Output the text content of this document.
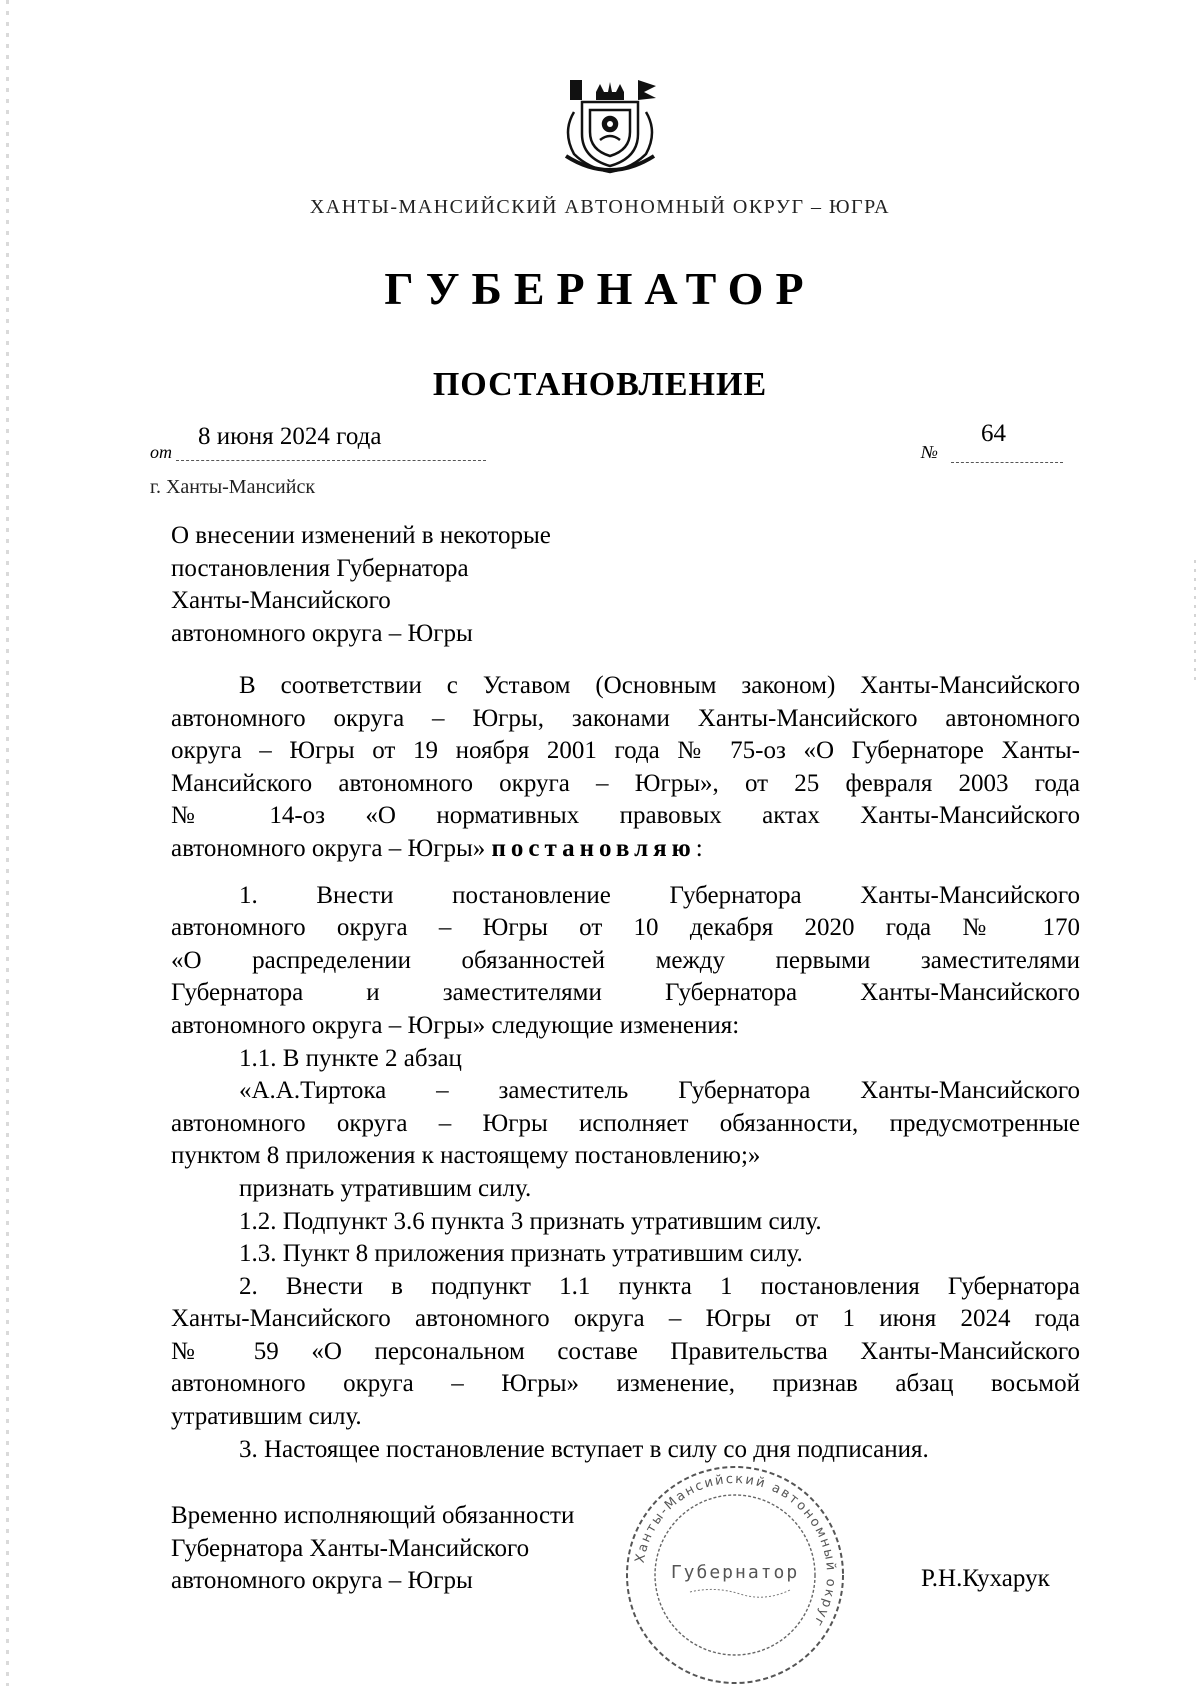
ХАНТЫ-МАНСИЙСКИЙ АВТОНОМНЫЙ ОКРУГ – ЮГРА
ГУБЕРНАТОР
ПОСТАНОВЛЕНИЕ
от
8 июня 2024 года
№
64
г. Ханты-Мансийск
О внесении изменений в некоторые
постановления Губернатора
Ханты-Мансийского
автономного округа – Югры
В соответствии с Уставом (Основным законом) Ханты-Мансийского
автономного округа – Югры, законами Ханты-Мансийского автономного
округа – Югры от 19 ноября 2001 года № 75-оз «О Губернаторе Ханты-
Мансийского автономного округа – Югры», от 25 февраля 2003 года
№ 14-оз «О нормативных правовых актах Ханты-Мансийского
автономного округа – Югры» постановляю:
1. Внести постановление Губернатора Ханты-Мансийского
автономного округа – Югры от 10 декабря 2020 года № 170
«О распределении обязанностей между первыми заместителями
Губернатора и заместителями Губернатора Ханты-Мансийского
автономного округа – Югры» следующие изменения:
1.1. В пункте 2 абзац
«А.А.Тиртока – заместитель Губернатора Ханты-Мансийского
автономного округа – Югры исполняет обязанности, предусмотренные
пунктом 8 приложения к настоящему постановлению;»
признать утратившим силу.
1.2. Подпункт 3.6 пункта 3 признать утратившим силу.
1.3. Пункт 8 приложения признать утратившим силу.
2. Внести в подпункт 1.1 пункта 1 постановления Губернатора
Ханты-Мансийского автономного округа – Югры от 1 июня 2024 года
№ 59 «О персональном составе Правительства Ханты-Мансийского
автономного округа – Югры» изменение, признав абзац восьмой
утратившим силу.
3. Настоящее постановление вступает в силу со дня подписания.
Временно исполняющий обязанности
Губернатора Ханты-Мансийского
автономного округа – Югры	Р.Н.Кухарук
Ханты-Мансийский автономный округ
Губернатор
